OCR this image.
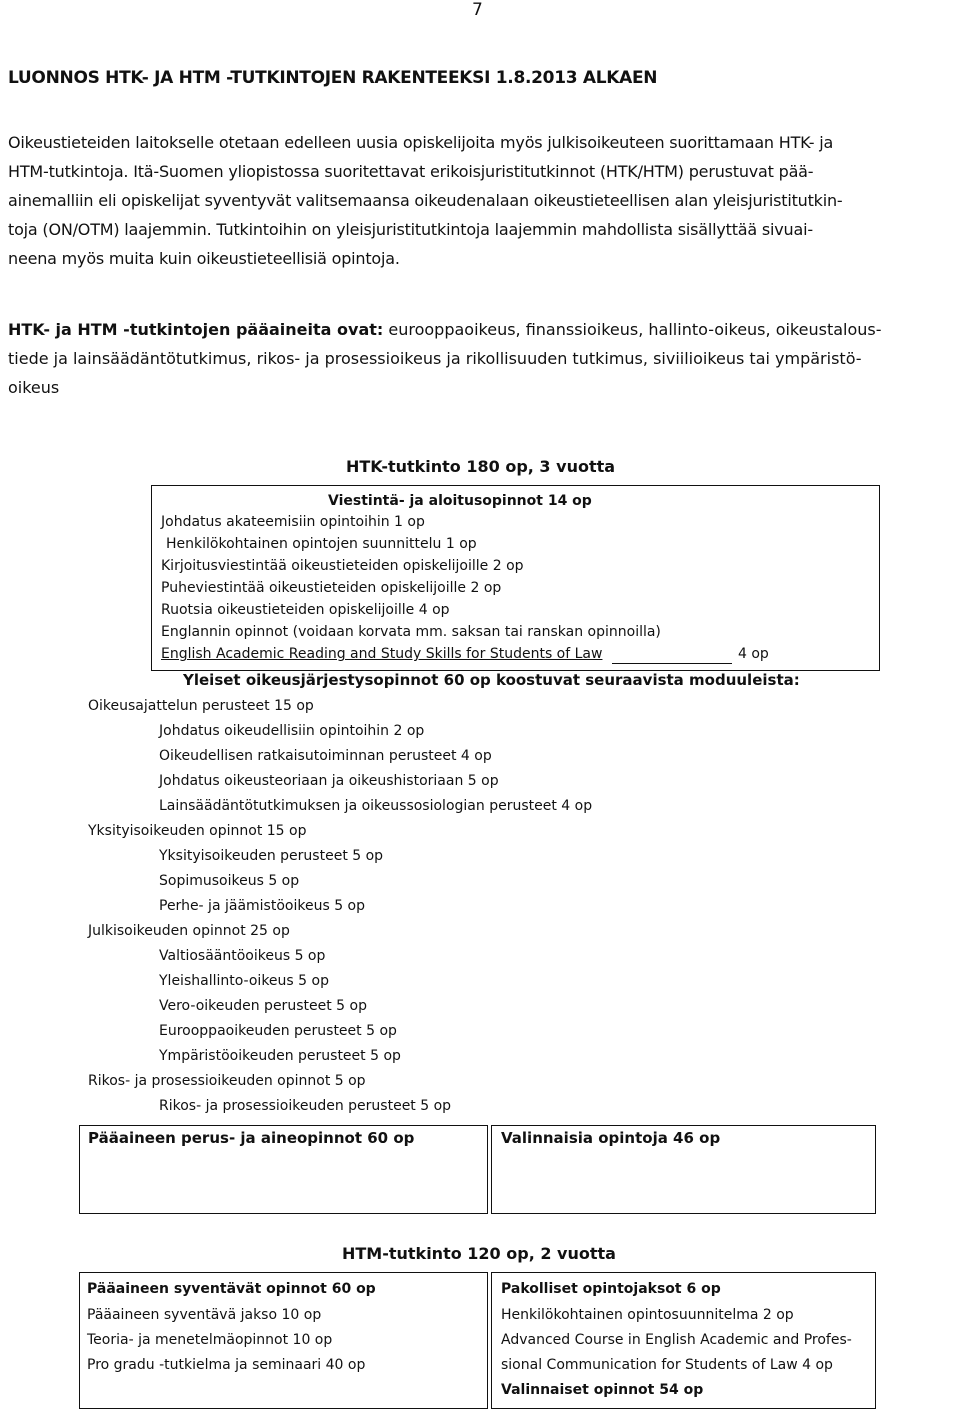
7
LUONNOS HTK- JA HTM -TUTKINTOJEN RAKENTEEKSI 1.8.2013 ALKAEN
Oikeustieteiden laitokselle otetaan edelleen uusia opiskelijoita myös julkisoikeuteen suorittamaan HTK- ja
HTM-tutkintoja. Itä-Suomen yliopistossa suoritettavat erikoisjuristitutkinnot (HTK/HTM) perustuvat pää-
ainemalliin eli opiskelijat syventyvät valitsemaansa oikeudenalaan oikeustieteellisen alan yleisjuristitutkin-
toja (ON/OTM) laajemmin. Tutkintoihin on yleisjuristitutkintoja laajemmin mahdollista sisällyttää sivuai-
neena myös muita kuin oikeustieteellisiä opintoja.
HTK- ja HTM -tutkintojen pääaineita ovat: eurooppaoikeus, finanssioikeus, hallinto-oikeus, oikeustalous-
tiede ja lainsäädäntötutkimus, rikos- ja prosessioikeus ja rikollisuuden tutkimus, siviilioikeus tai ympäristö-
oikeus
HTK-tutkinto 180 op, 3 vuotta
Viestintä- ja aloitusopinnot 14 op
Johdatus akateemisiin opintoihin 1 op
Henkilökohtainen opintojen suunnittelu 1 op
Kirjoitusviestintää oikeustieteiden opiskelijoille 2 op
Puheviestintää oikeustieteiden opiskelijoille 2 op
Ruotsia oikeustieteiden opiskelijoille 4 op
Englannin opinnot (voidaan korvata mm. saksan tai ranskan opinnoilla)
English Academic Reading and Study Skills for Students of Law	4 op
Yleiset oikeusjärjestysopinnot 60 op koostuvat seuraavista moduuleista:
Oikeusajattelun perusteet 15 op
Johdatus oikeudellisiin opintoihin 2 op
Oikeudellisen ratkaisutoiminnan perusteet 4 op
Johdatus oikeusteoriaan ja oikeushistoriaan 5 op
Lainsäädäntötutkimuksen ja oikeussosiologian perusteet 4 op
Yksityisoikeuden opinnot 15 op
Yksityisoikeuden perusteet 5 op
Sopimusoikeus 5 op
Perhe- ja jäämistöoikeus 5 op
Julkisoikeuden opinnot 25 op
Valtiosääntöoikeus 5 op
Yleishallinto-oikeus 5 op
Vero-oikeuden perusteet 5 op
Eurooppaoikeuden perusteet 5 op
Ympäristöoikeuden perusteet 5 op
Rikos- ja prosessioikeuden opinnot 5 op
Rikos- ja prosessioikeuden perusteet 5 op
Pääaineen perus- ja aineopinnot 60 op	Valinnaisia opintoja 46 op
HTM-tutkinto 120 op, 2 vuotta
Pääaineen syventävät opinnot 60 op
Pääaineen syventävä jakso 10 op
Teoria- ja menetelmäopinnot 10 op
Pro gradu -tutkielma ja seminaari 40 op
Pakolliset opintojaksot 6 op
Henkilökohtainen opintosuunnitelma 2 op
Advanced Course in English Academic and Profes-
sional Communication for Students of Law 4 op
Valinnaiset opinnot 54 op
